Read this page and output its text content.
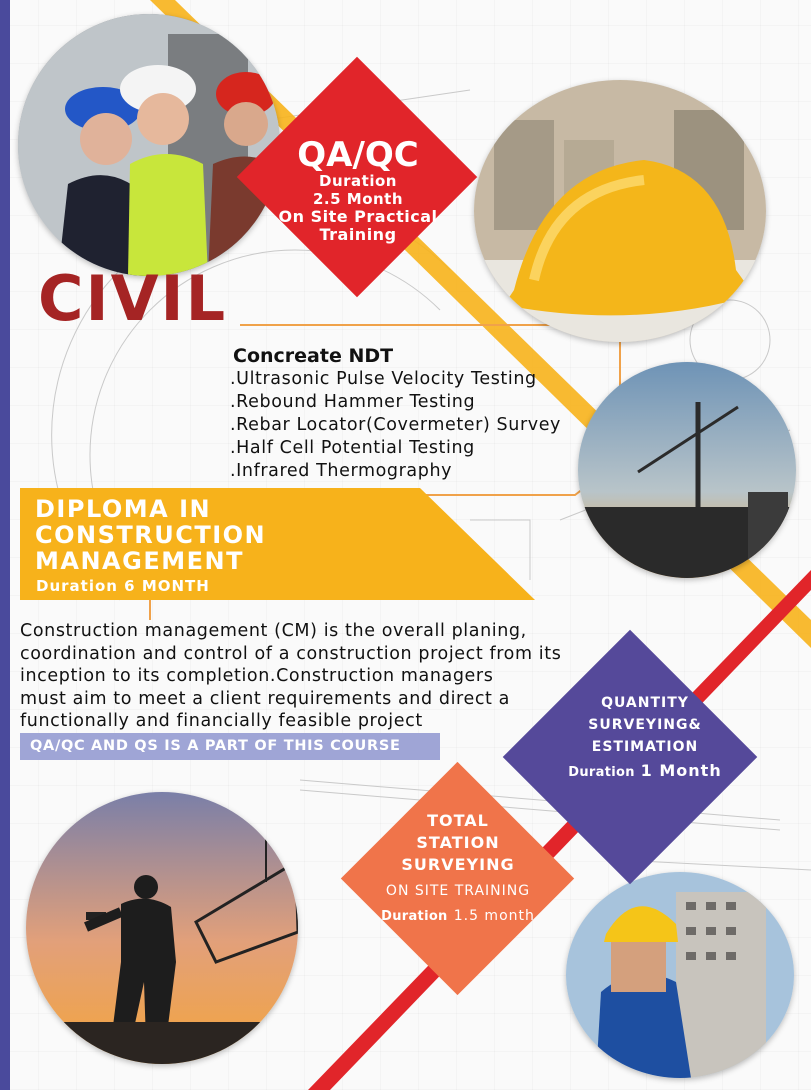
QA/QC
Duration
2.5 Month
On Site Practical
Training
CIVIL
Concreate NDT
.Ultrasonic Pulse Velocity Testing
.Rebound Hammer Testing
.Rebar Locator(Covermeter) Survey
.Half Cell Potential Testing
.Infrared Thermography
DIPLOMA IN
CONSTRUCTION
MANAGEMENT
Duration 6 MONTH
Construction management (CM) is the overall planing,
coordination and control of a construction project from its
inception to its completion.Construction managers
must aim to meet a client requirements and direct a
functionally and financially feasible project
QA/QC AND QS IS A PART OF THIS COURSE
QUANTITY
SURVEYING&
ESTIMATION
Duration 1 Month
TOTAL
STATION
SURVEYING
ON SITE TRAINING
Duration 1.5 month
